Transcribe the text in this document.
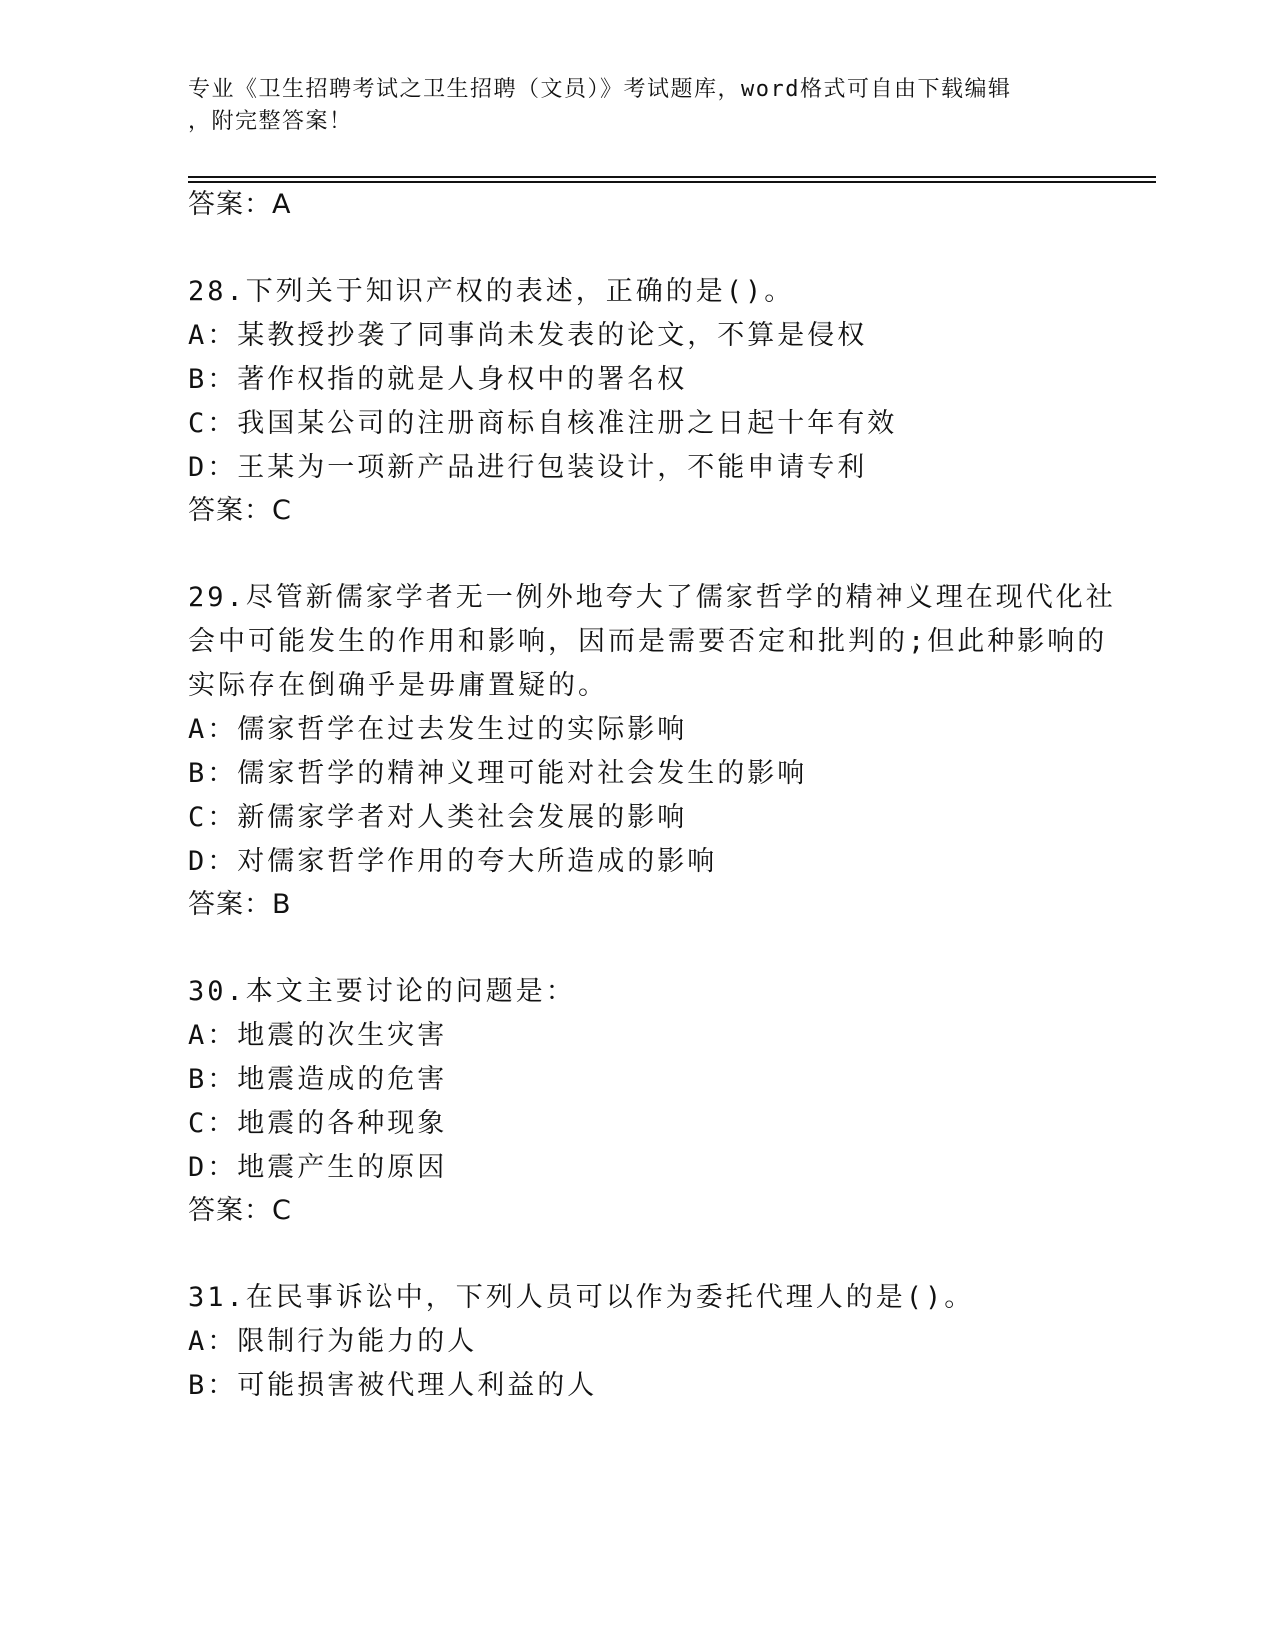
专业《卫生招聘考试之卫生招聘（文员）》考试题库，word格式可自由下载编辑
，附完整答案！
答案：A
28.下列关于知识产权的表述，正确的是()。
A：某教授抄袭了同事尚未发表的论文，不算是侵权
B：著作权指的就是人身权中的署名权
C：我国某公司的注册商标自核准注册之日起十年有效
D：王某为一项新产品进行包装设计，不能申请专利
答案：C
29.尽管新儒家学者无一例外地夸大了儒家哲学的精神义理在现代化社
会中可能发生的作用和影响，因而是需要否定和批判的;但此种影响的
实际存在倒确乎是毋庸置疑的。
A：儒家哲学在过去发生过的实际影响
B：儒家哲学的精神义理可能对社会发生的影响
C：新儒家学者对人类社会发展的影响
D：对儒家哲学作用的夸大所造成的影响
答案：B
30.本文主要讨论的问题是：
A：地震的次生灾害
B：地震造成的危害
C：地震的各种现象
D：地震产生的原因
答案：C
31.在民事诉讼中，下列人员可以作为委托代理人的是()。
A：限制行为能力的人
B：可能损害被代理人利益的人
